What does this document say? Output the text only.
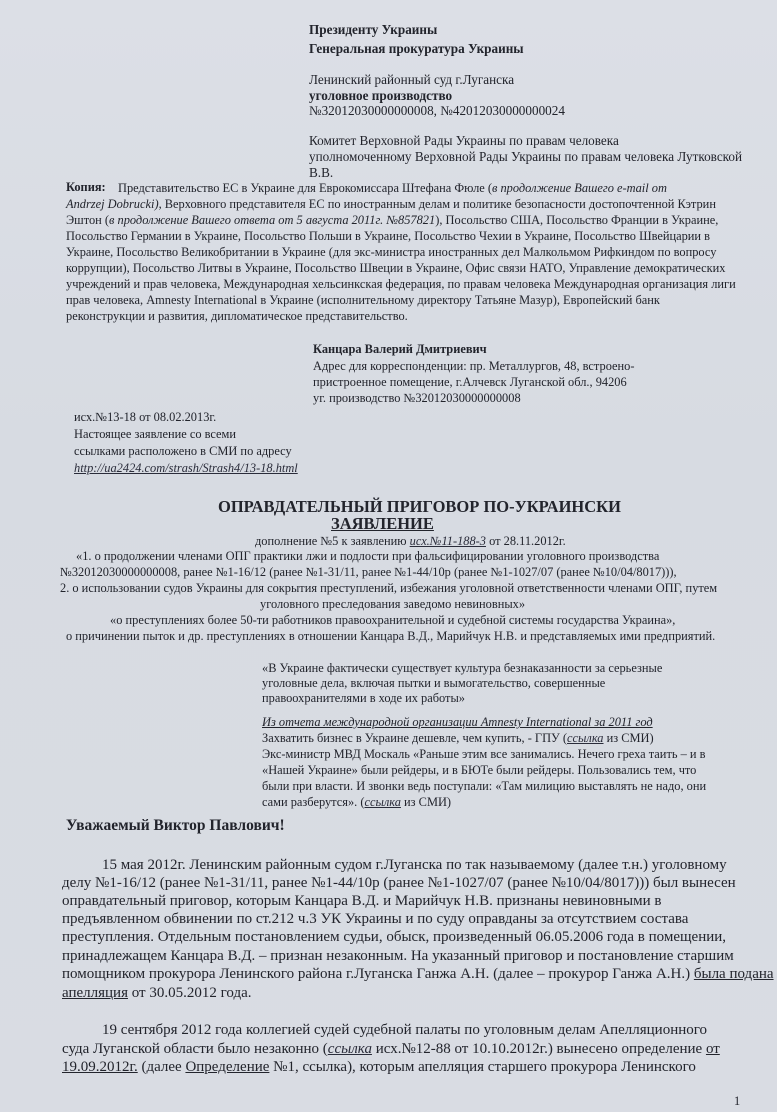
Президенту Украины
Генеральная прокуратура Украины
Ленинский районный суд г.Луганска
уголовное производство
№32012030000000008, №42012030000000024
Комитет Верховной Рады Украины по правам человека
уполномоченному Верховной Рады Украины по правам человека Лутковской
В.В.
Копия: Представительство ЕС в Украине для Еврокомиссара Штефана Фюле (в продолжение Вашего e-mail от
Andrzej Dobrucki), Верховного представителя ЕС по иностранным делам и политике безопасности достопочтенной Кэтрин
Эштон (в продолжение Вашего ответа от 5 августа 2011г. №857821), Посольство США, Посольство Франции в Украине,
Посольство Германии в Украине, Посольство Польши в Украине, Посольство Чехии в Украине, Посольство Швейцарии в
Украине, Посольство Великобритании в Украине (для экс-министра иностранных дел Малкольмом Рифкиндом по вопросу
коррупции), Посольство Литвы в Украине, Посольство Швеции в Украине, Офис связи НАТО, Управление демократических
учреждений и прав человека, Международная хельсинкская федерация, по правам человека Международная организация лиги
прав человека, Amnesty International в Украине (исполнительному директору Татьяне Мазур), Европейский банк
реконструкции и развития, дипломатическое представительство.
Канцара Валерий Дмитриевич
Адрес для корреспонденции: пр. Металлургов, 48, встроено-
пристроенное помещение, г.Алчевск Луганской обл., 94206
уг. производство №32012030000000008
исх.№13-18 от 08.02.2013г.
Настоящее заявление со всеми
ссылками расположено в СМИ по адресу
http://ua2424.com/strash/Strash4/13-18.html
ОПРАВДАТЕЛЬНЫЙ ПРИГОВОР ПО-УКРАИНСКИ
ЗАЯВЛЕНИЕ
дополнение №5 к заявлению исх.№11-188-3 от 28.11.2012г.
«1. о продолжении членами ОПГ практики лжи и подлости при фальсифицировании уголовного производства
№32012030000000008, ранее №1-16/12 (ранее №1-31/11, ранее №1-44/10р (ранее №1-1027/07 (ранее №10/04/8017))),
2. о использовании судов Украины для сокрытия преступлений, избежания уголовной ответственности членами ОПГ, путем
уголовного преследования заведомо невиновных»
«о преступлениях более 50-ти работников правоохранительной и судебной системы государства Украина»,
о причинении пыток и др. преступлениях в отношении Канцара В.Д., Марийчук Н.В. и представляемых ими предприятий.
«В Украине фактически существует культура безнаказанности за серьезные
уголовные дела, включая пытки и вымогательство, совершенные
правоохранителями в ходе их работы»
Из отчета международной организации Amnesty International за 2011 год
Захватить бизнес в Украине дешевле, чем купить, - ГПУ (ссылка из СМИ)
Экс-министр МВД Москаль «Раньше этим все занимались. Нечего греха таить – и в
«Нашей Украине» были рейдеры, и в БЮТе были рейдеры. Пользовались тем, что
были при власти. И звонки ведь поступали: «Там милицию выставлять не надо, они
сами разберутся». (ссылка из СМИ)
Уважаемый Виктор Павлович!
15 мая 2012г. Ленинским районным судом г.Луганска по так называемому (далее т.н.) уголовному
делу №1-16/12 (ранее №1-31/11, ранее №1-44/10р (ранее №1-1027/07 (ранее №10/04/8017))) был вынесен
оправдательный приговор, которым Канцара В.Д. и Марийчук Н.В. признаны невиновными в
предъявленном обвинении по ст.212 ч.3 УК Украины и по суду оправданы за отсутствием состава
преступления. Отдельным постановлением судьи, обыск, произведенный 06.05.2006 года в помещении,
принадлежащем Канцара В.Д. – признан незаконным. На указанный приговор и постановление старшим
помощником прокурора Ленинского района г.Луганска Ганжа А.Н. (далее – прокурор Ганжа А.Н.) была подана
апелляция от 30.05.2012 года.
19 сентября 2012 года коллегией судей судебной палаты по уголовным делам Апелляционного
суда Луганской области было незаконно (ссылка исх.№12-88 от 10.10.2012г.) вынесено определение от
19.09.2012г. (далее Определение №1, ссылка), которым апелляция старшего прокурора Ленинского
1
